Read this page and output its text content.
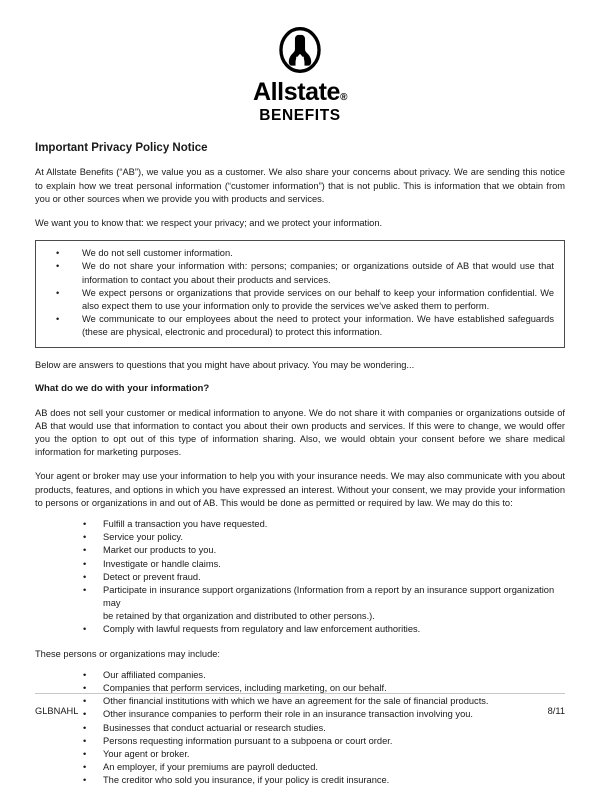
Allstate®
BENEFITS
Important Privacy Policy Notice

At Allstate Benefits (“AB”), we value you as a customer. We also share your concerns about privacy. We are sending this notice to explain how we treat personal information (“customer information”) that is not public. This is information that we obtain from you or other sources when we provide you with products and services.

We want you to know that: we respect your privacy; and we protect your information.

• We do not sell customer information.
• We do not share your information with: persons; companies; or organizations outside of AB that would use that information to contact you about their products and services.
• We expect persons or organizations that provide services on our behalf to keep your information confidential. We also expect them to use your information only to provide the services we’ve asked them to perform.
• We communicate to our employees about the need to protect your information. We have established safeguards (these are physical, electronic and procedural) to protect this information.

Below are answers to questions that you might have about privacy. You may be wondering...

What do we do with your information?

AB does not sell your customer or medical information to anyone. We do not share it with companies or organizations outside of AB that would use that information to contact you about their own products and services. If this were to change, we would offer you the option to opt out of this type of information sharing. Also, we would obtain your consent before we share medical information for marketing purposes.

Your agent or broker may use your information to help you with your insurance needs. We may also communicate with you about products, features, and options in which you have expressed an interest. Without your consent, we may provide your information to persons or organizations in and out of AB. This would be done as permitted or required by law. We may do this to:

• Fulfill a transaction you have requested.
• Service your policy.
• Market our products to you.
• Investigate or handle claims.
• Detect or prevent fraud.
• Participate in insurance support organizations (Information from a report by an insurance support organization may
be retained by that organization and distributed to other persons.).
• Comply with lawful requests from regulatory and law enforcement authorities.

These persons or organizations may include:

• Our affiliated companies.
• Companies that perform services, including marketing, on our behalf.
• Other financial institutions with which we have an agreement for the sale of financial products.
• Other insurance companies to perform their role in an insurance transaction involving you.
• Businesses that conduct actuarial or research studies.
• Persons requesting information pursuant to a subpoena or court order.
• Your agent or broker.
• An employer, if your premiums are payroll deducted.
• The creditor who sold you insurance, if your policy is credit insurance.
GLBNAHL	8/11
